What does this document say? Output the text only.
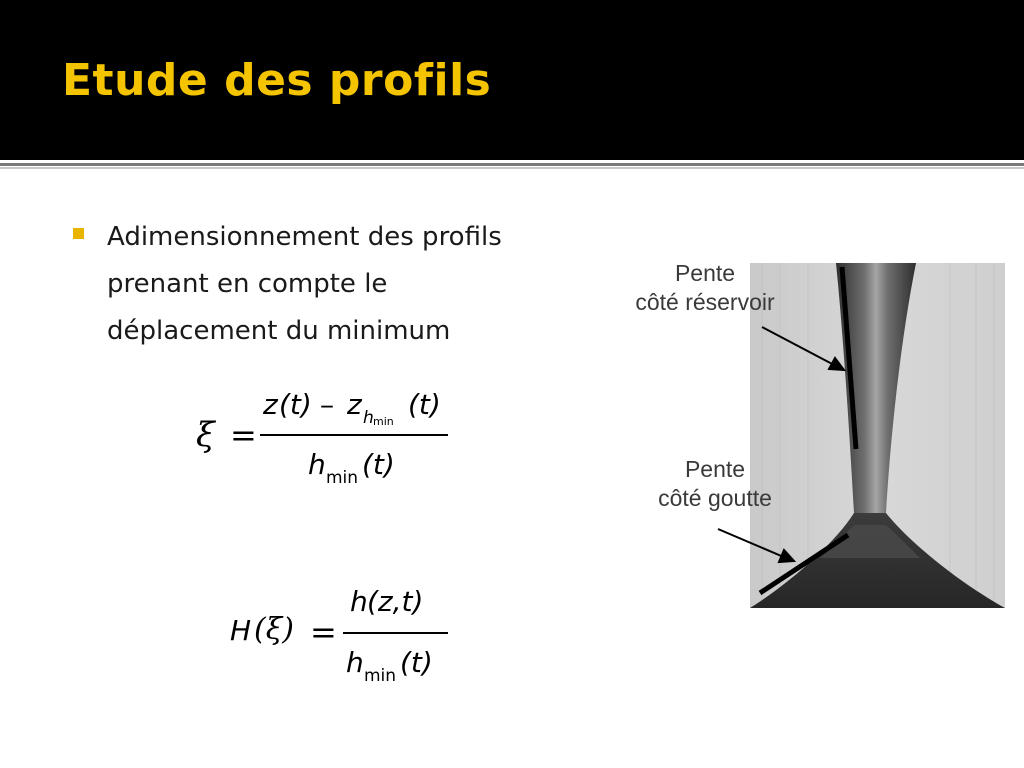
Etude des profils
Adimensionnement des profils
prenant en compte le
déplacement du minimum
ξ =
z (t) – z h min
(t)
h min (t)
H (ξ) =
h (z,t)
h min (t)
Pente
côté réservoir
Pente
côté goutte
